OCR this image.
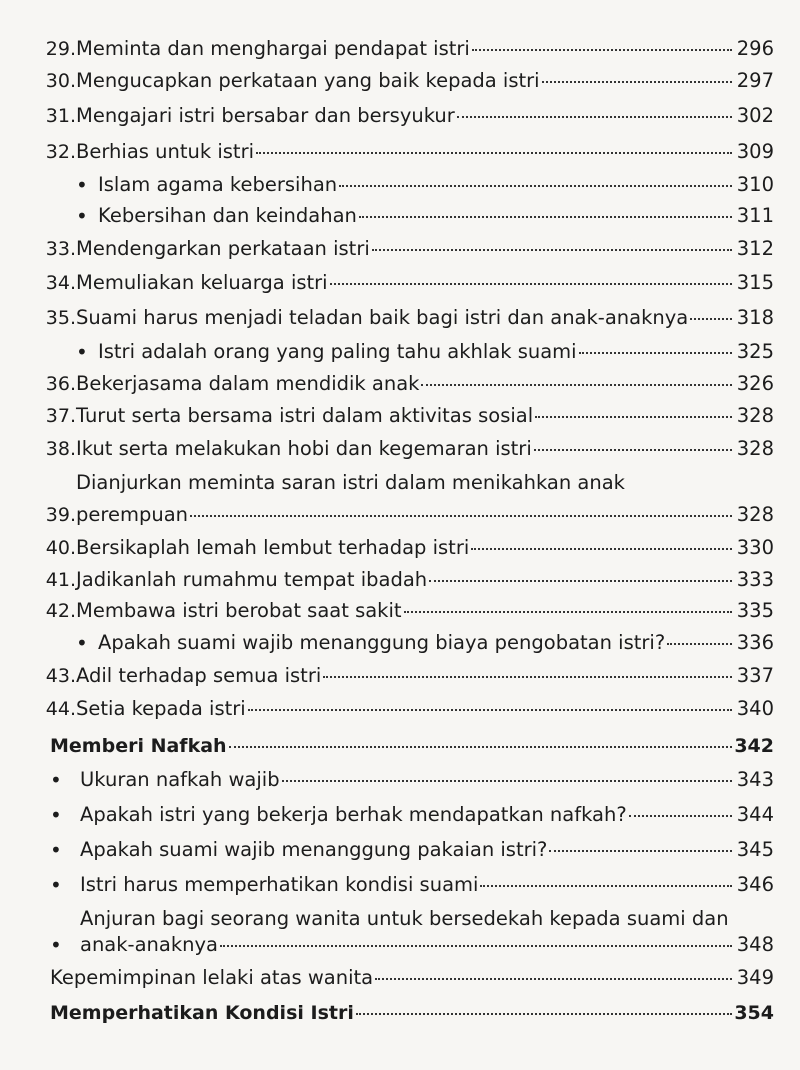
29. Meminta dan menghargai pendapat istri	296
30. Mengucapkan perkataan yang baik kepada istri	297
31. Mengajari istri bersabar dan bersyukur	302
32. Berhias untuk istri	309
• Islam agama kebersihan	310
• Kebersihan dan keindahan	311
33. Mendengarkan perkataan istri	312
34. Memuliakan keluarga istri	315
35. Suami harus menjadi teladan baik bagi istri dan anak-anaknya 318
• Istri adalah orang yang paling tahu akhlak suami	325
36. Bekerjasama dalam mendidik anak	326
37. Turut serta bersama istri dalam aktivitas sosial	328
38. Ikut serta melakukan hobi dan kegemaran istri	328
Dianjurkan meminta saran istri dalam menikahkan anak
39. perempuan	328
40. Bersikaplah lemah lembut terhadap istri	330
41. Jadikanlah rumahmu tempat ibadah	333
42. Membawa istri berobat saat sakit	335
• Apakah suami wajib menanggung biaya pengobatan istri?	336
43. Adil terhadap semua istri	337
44. Setia kepada istri	340
Memberi Nafkah	342
• Ukuran nafkah wajib	343
• Apakah istri yang bekerja berhak mendapatkan nafkah?	344
• Apakah suami wajib menanggung pakaian istri?	345
• Istri harus memperhatikan kondisi suami	346
Anjuran bagi seorang wanita untuk bersedekah kepada suami dan
• anak-anaknya	348
Kepemimpinan lelaki atas wanita	349
Memperhatikan Kondisi Istri	354
